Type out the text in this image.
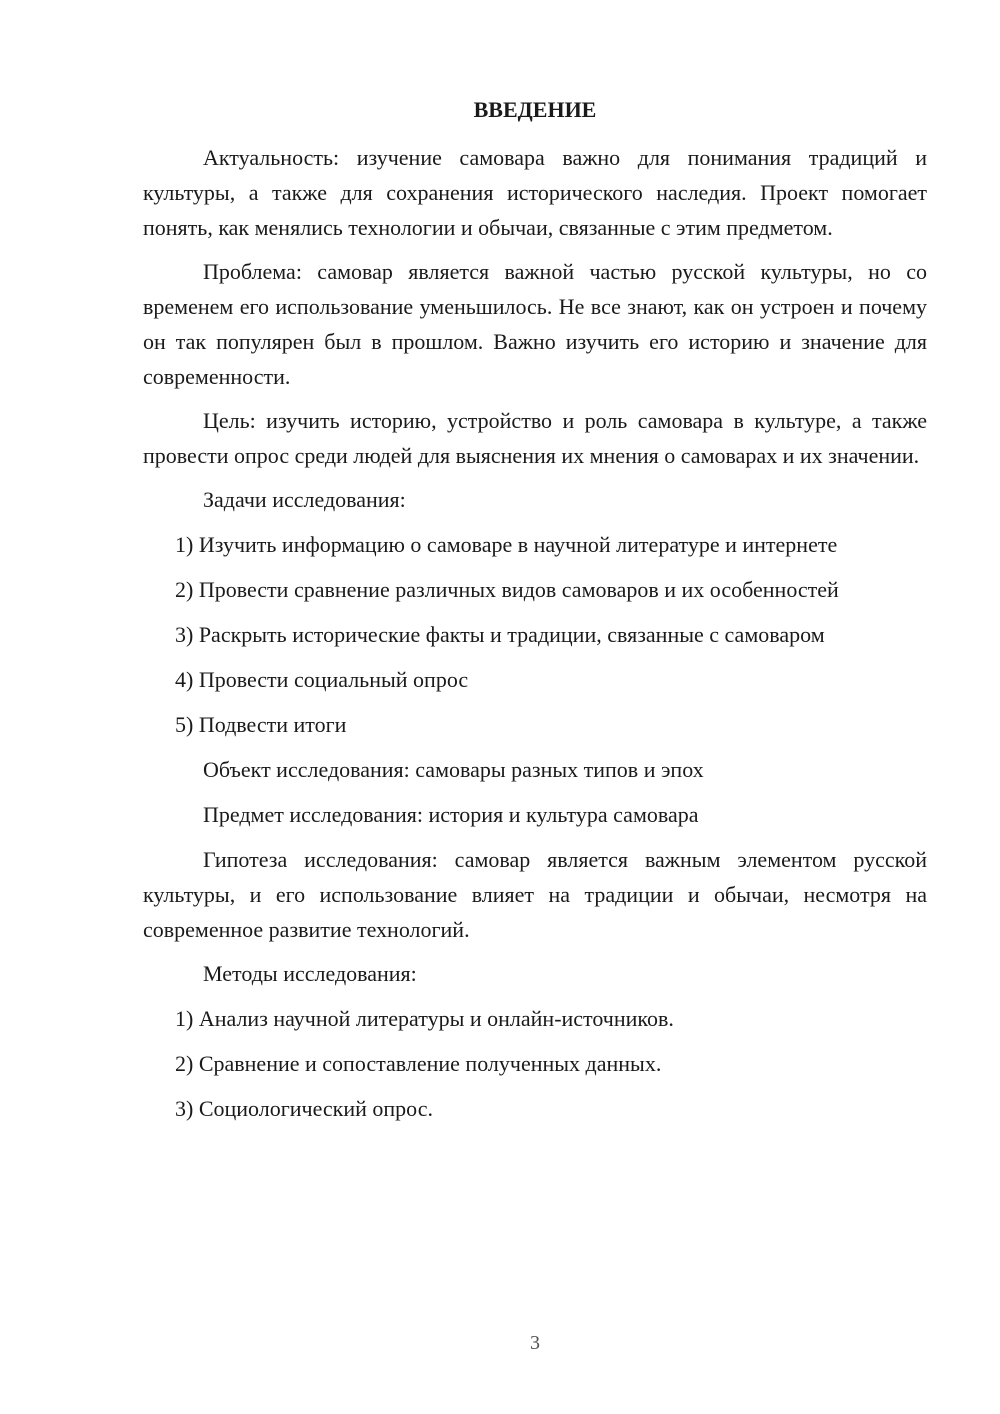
ВВЕДЕНИЕ

Актуальность: изучение самовара важно для понимания традиций и культуры, а также для сохранения исторического наследия. Проект помогает понять, как менялись технологии и обычаи, связанные с этим предметом.

Проблема: самовар является важной частью русской культуры, но со временем его использование уменьшилось. Не все знают, как он устроен и почему он так популярен был в прошлом. Важно изучить его историю и значение для современности.

Цель: изучить историю, устройство и роль самовара в культуре, а также провести опрос среди людей для выяснения их мнения о самоварах и их значении.

Задачи исследования:
1) Изучить информацию о самоваре в научной литературе и интернете
2) Провести сравнение различных видов самоваров и их особенностей
3) Раскрыть исторические факты и традиции, связанные с самоваром
4) Провести социальный опрос
5) Подвести итоги
Объект исследования: самовары разных типов и эпох
Предмет исследования: история и культура самовара

Гипотеза исследования: самовар является важным элементом русской культуры, и его использование влияет на традиции и обычаи, несмотря на современное развитие технологий.

Методы исследования:
1) Анализ научной литературы и онлайн-источников.
2) Сравнение и сопоставление полученных данных.
3) Социологический опрос.
3
